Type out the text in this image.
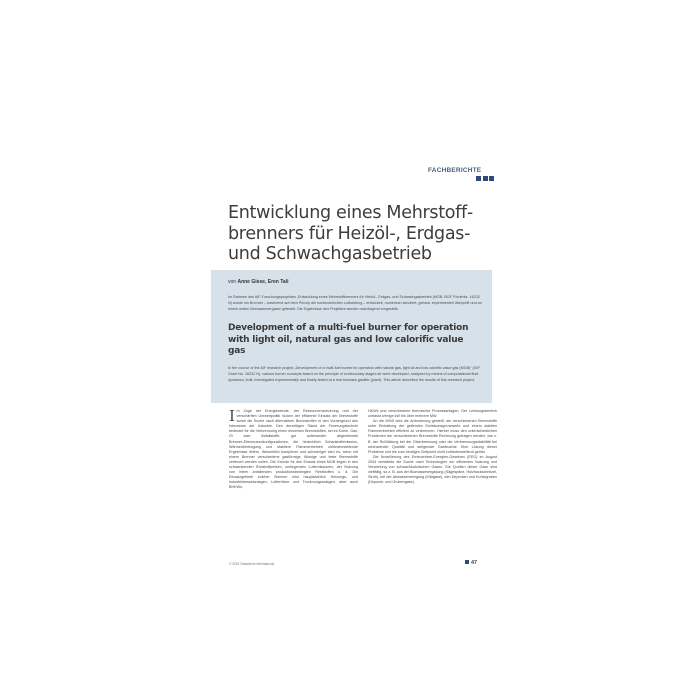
FACHBERICHTE
Entwicklung eines Mehrstoffbrenners für Heizöl-, Erdgas- und Schwachgasbetrieb

von Anne Giese, Eren Tali

Im Rahmen des AiF-Forschungsprojektes „Entwicklung eines Mehrstoffbrenners für Heizöl-, Erdgas- und Schwachgasbetrieb (MGB, BGF Förderkz. 16232 N) wurde ein Brenner – basierend auf dem Prinzip der kontinuierlichen Luftstufung – entwickelt, numerisch simuliert, gebaut, experimentell überprüft und an einem realen Biomassevergaser getestet. Die Ergebnisse des Projektes werden nachfolgend vorgestellt.

Development of a multi-fuel burner for operation with light oil, natural gas and low calorific value gas

In the course of the AiF research project „Development of a multi-fuel burner for operation with natural gas, light oil and low calorific value gas (MGB)“ (IGF Grant No. 16232 N), various burner concepts based on the principle of continuously staged air were developed, analyzed by means of computational fluid dynamics, built, investigated experimentally and finally tested at a real biomass gasifier (plant). This article describes the results of this research project.

Im Zuge der Energiewende, der Ressourcenschonung und der verschärften Umweltpolitik rücken der effiziente Einsatz der Brennstoffe sowie die Suche nach alternativen Brennstoffen in den Vordergrund des Interesses der Industrie. Den derzeitigen Stand der Feuerungstechnik bedeutet für die Verbrennung einen einzelnen Brennstoffes, sei es Kohle, Gas, Öl oder Abfallstoffe, gut aufeinander abgestimmte Brenner-/Brennraumkonfigurationen, die hinsichtlich Schadstoffemission, Wärmeübertragung und stabilem Flammenbetrieb zufriedenstellende Ergebnisse liefern. Wesentlich komplexer und schwieriger wird es, wenn mit einem Brenner verschiedene gasförmige, flüssige und feste Brennstoffe verfeuert werden sollen. Die Gründe für den Einsatz eines MGB liegen in den schwankenden Rohstoffpreisen, umliegenden Luftemissionen, der Nutzung von intern anfallenden produktionsbedingten Reststoffen u. ä. Die Einsatzgebiete solcher Brenner sind hauptsächlich Heizungs- und Industriekesselanlagen, Lufterhitzer und Trocknungsanlagen, aber auch BHKWs,

HKWs und verschiedene thermische Prozessanlagen. Der Leistungsbereich umfasst wenige kW bis über mehrere MW.

An die MGB wird die Anforderung gestellt, die verschiedenen Brennstoffe unter Einhaltung der geltenden Emissionsgrenzwerte und einem stabilen Flammenbetrieb effizient zu verbrennen. Hierbei muss den unterschiedlichen Problemen der verschiedenen Brennstoffe Rechnung getragen werden, wie z. B. der Rußbildung bei der Ölverbrennung oder der Verbrennungsstabilität bei wechselnder Qualität und steigender Gasfeuchte. Eine Lösung dieser Probleme und bis zum heutigen Zeitpunkt nicht zufriedenstellend gelöst.

Die Novellierung des Erneuerbare-Energien-Gesetzes (EEG) im August 2004 verstärkte die Suche nach Technologien zur effizienten Nutzung und Verwertung von schwachkalorischen Gasen. Die Quellen dieser Gase sind vielfältig, so z. B. aus der Biomassevergasung (Sägespäne, Holzhackschnitzel, Stroh), bei der Abwasserreinigung (Klärgase), den Deponien und Kohlegruben (Deponie- und Grubengase).

© 2015 Gaswärme International	47
